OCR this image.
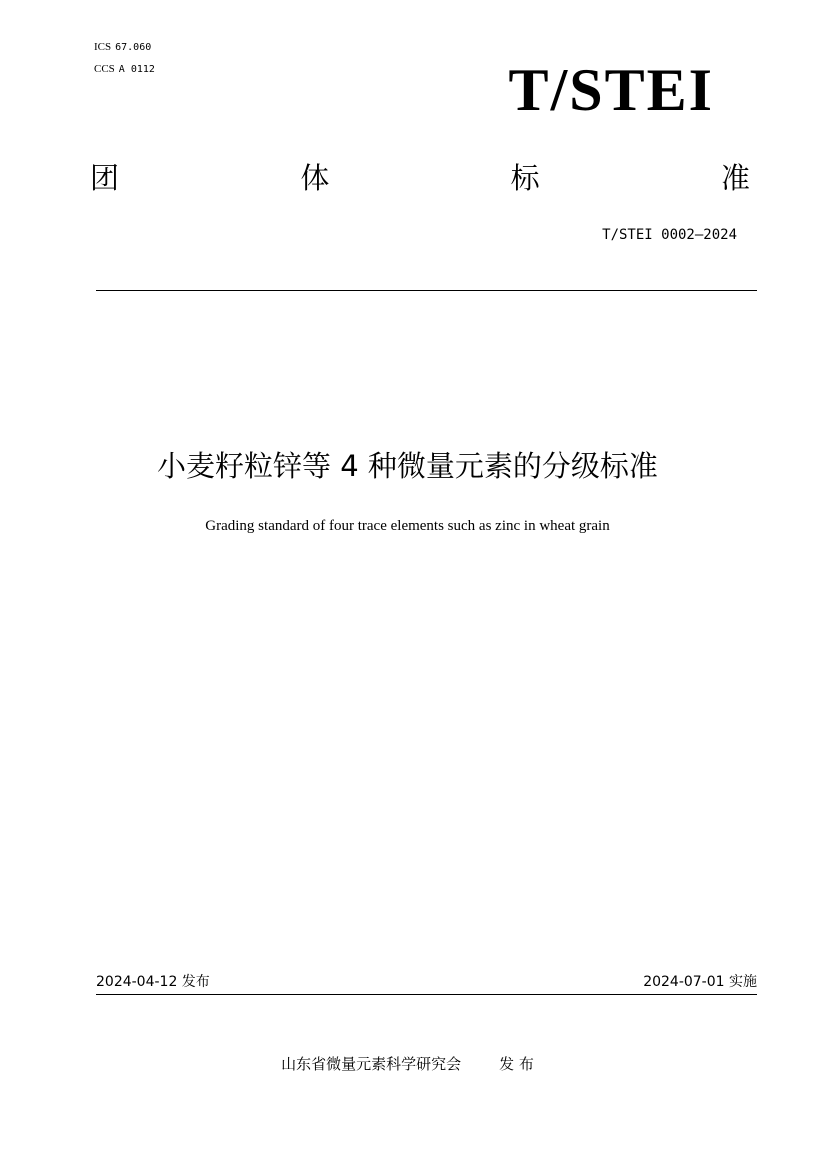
ICS 67.060
CCS A 0112	T/STEI
团	体	标	准
T/STEI 0002—2024
小麦籽粒锌等 4 种微量元素的分级标准
Grading standard of four trace elements such as zinc in wheat grain
2024-04-12 发布	2024-07-01 实施
山东省微量元素科学研究会	发 布
